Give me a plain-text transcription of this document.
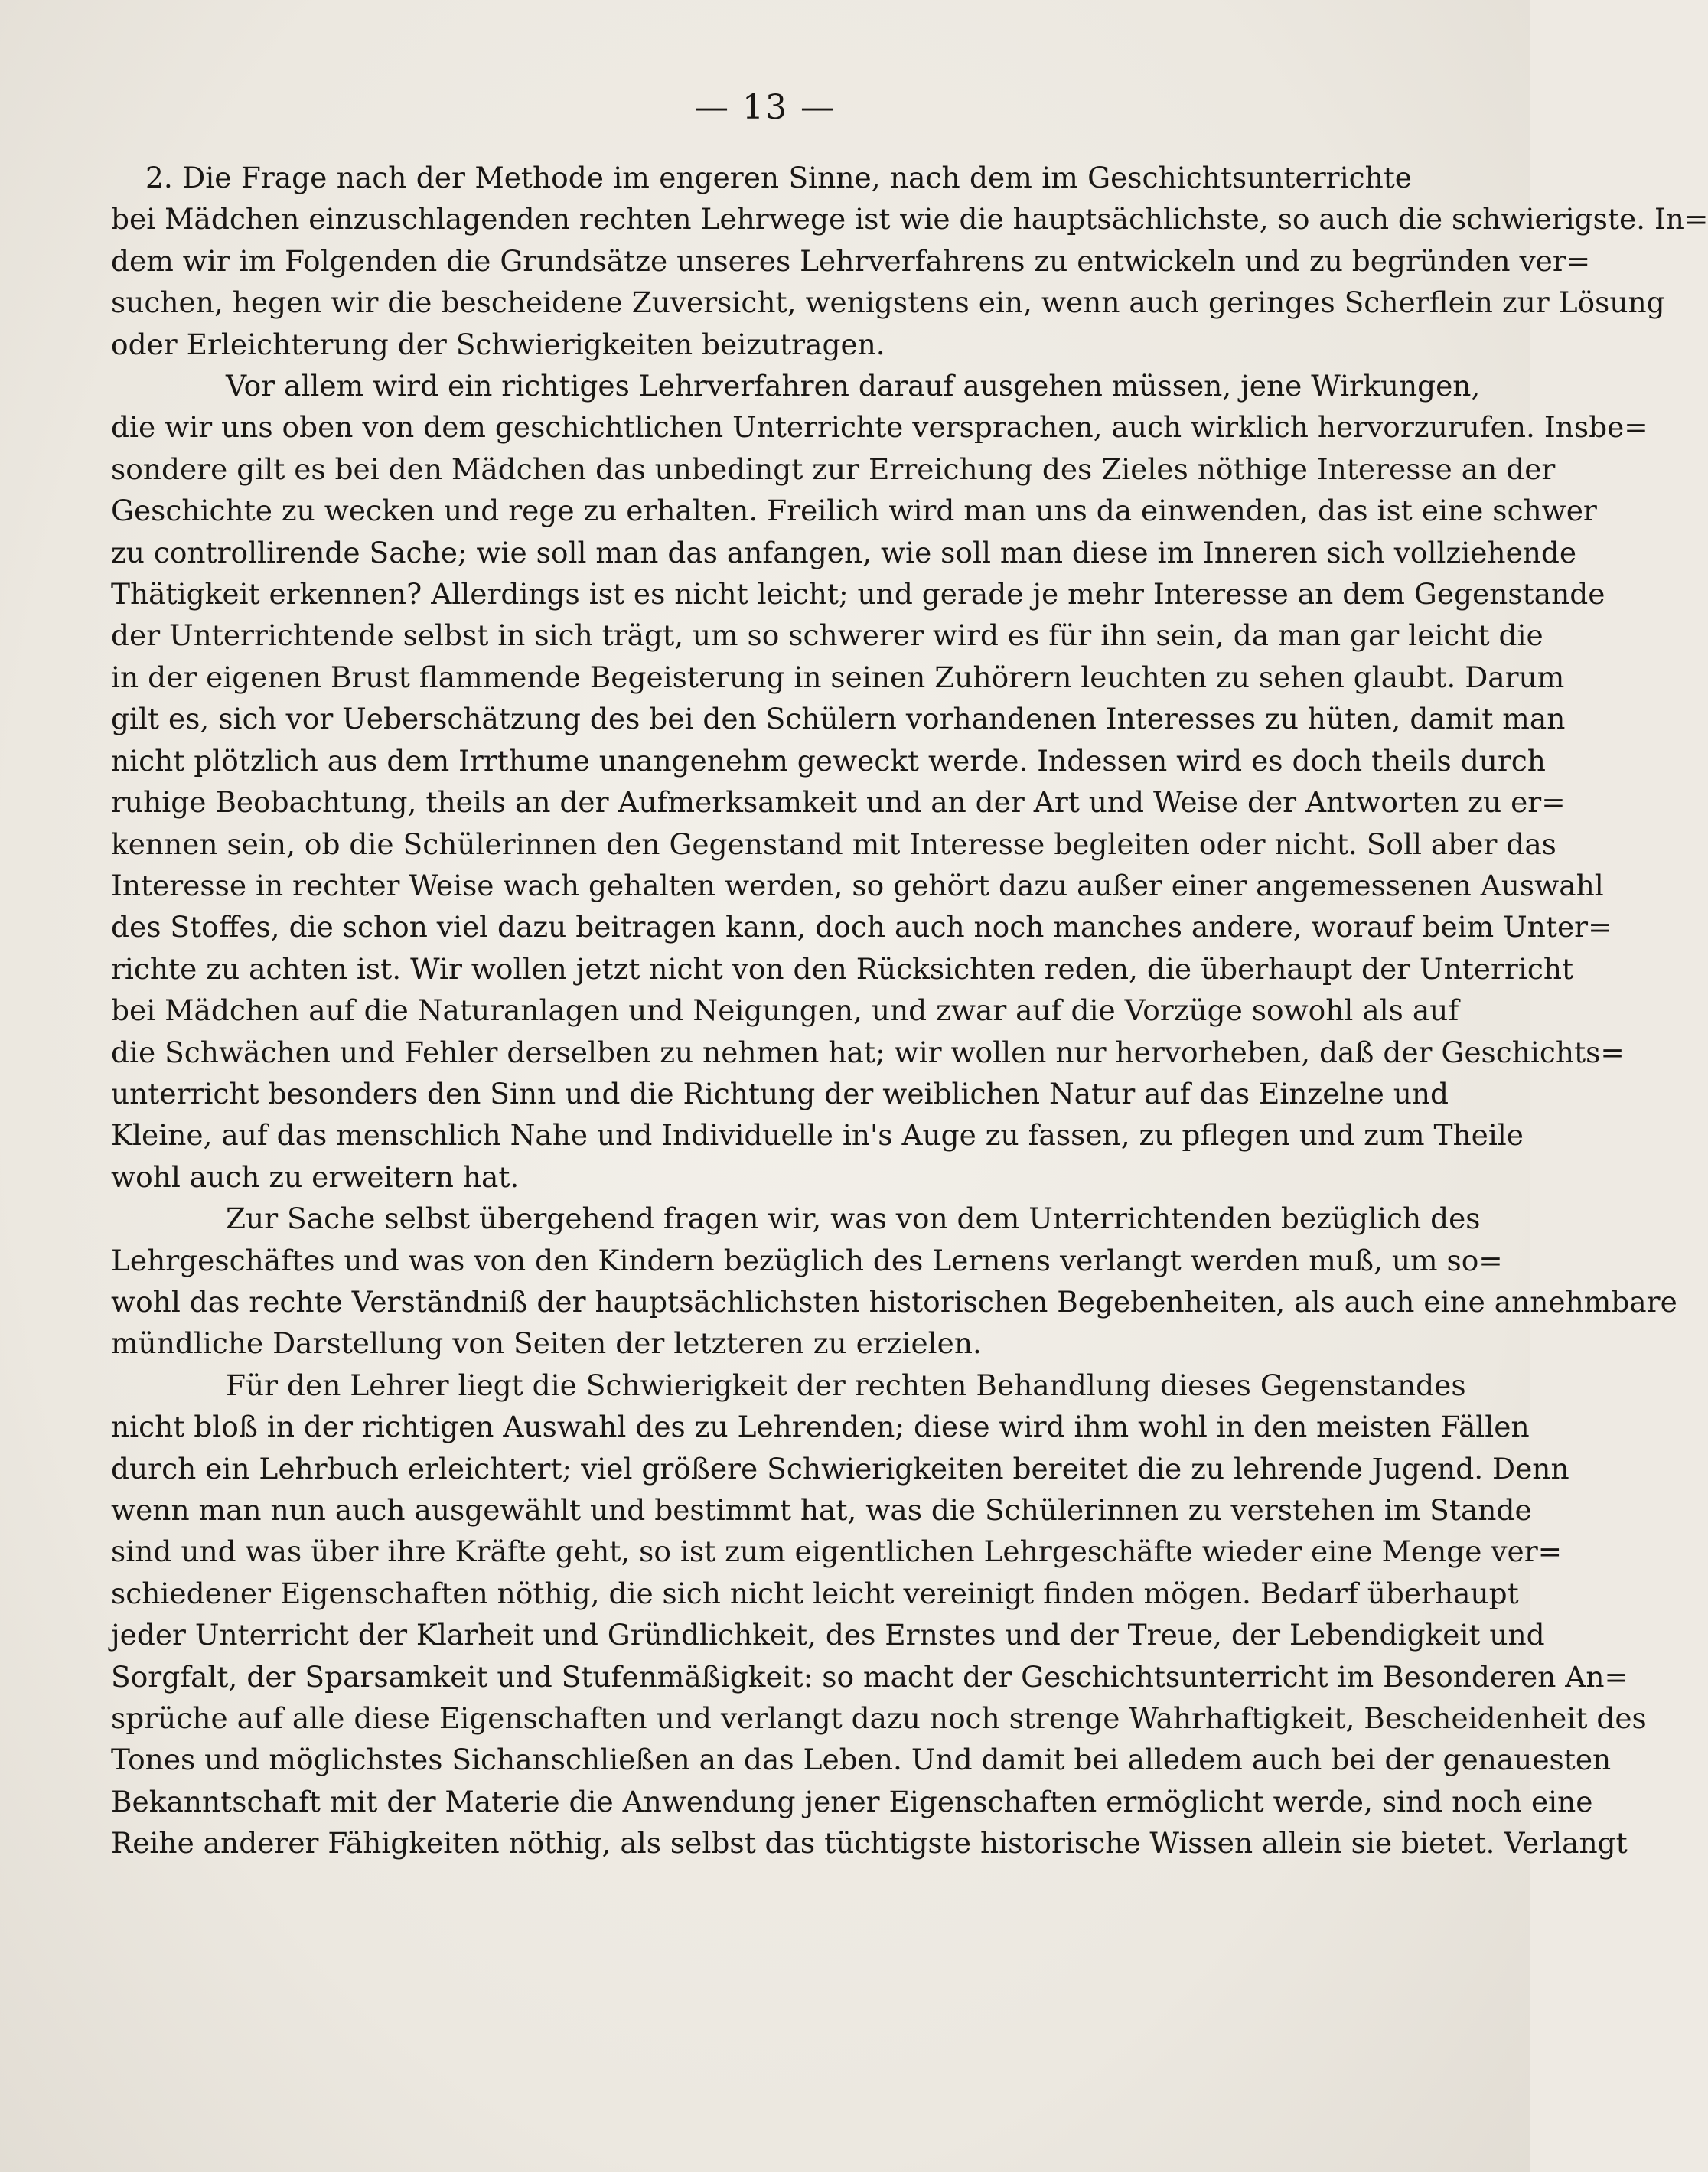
— 13 —

2. Die Frage nach der Methode im engeren Sinne, nach dem im Geschichtsunterrichte
bei Mädchen einzuschlagenden rechten Lehrwege ist wie die hauptsächlichste, so auch die schwierigste. In=
dem wir im Folgenden die Grundsätze unseres Lehrverfahrens zu entwickeln und zu begründen ver=
suchen, hegen wir die bescheidene Zuversicht, wenigstens ein, wenn auch geringes Scherflein zur Lösung
oder Erleichterung der Schwierigkeiten beizutragen.

Vor allem wird ein richtiges Lehrverfahren darauf ausgehen müssen, jene Wirkungen,
die wir uns oben von dem geschichtlichen Unterrichte versprachen, auch wirklich hervorzurufen. Insbe=
sondere gilt es bei den Mädchen das unbedingt zur Erreichung des Zieles nöthige Interesse an der
Geschichte zu wecken und rege zu erhalten. Freilich wird man uns da einwenden, das ist eine schwer
zu controllirende Sache; wie soll man das anfangen, wie soll man diese im Inneren sich vollziehende
Thätigkeit erkennen? Allerdings ist es nicht leicht; und gerade je mehr Interesse an dem Gegenstande
der Unterrichtende selbst in sich trägt, um so schwerer wird es für ihn sein, da man gar leicht die
in der eigenen Brust flammende Begeisterung in seinen Zuhörern leuchten zu sehen glaubt. Darum
gilt es, sich vor Ueberschätzung des bei den Schülern vorhandenen Interesses zu hüten, damit man
nicht plötzlich aus dem Irrthume unangenehm geweckt werde. Indessen wird es doch theils durch
ruhige Beobachtung, theils an der Aufmerksamkeit und an der Art und Weise der Antworten zu er=
kennen sein, ob die Schülerinnen den Gegenstand mit Interesse begleiten oder nicht. Soll aber das
Interesse in rechter Weise wach gehalten werden, so gehört dazu außer einer angemessenen Auswahl
des Stoffes, die schon viel dazu beitragen kann, doch auch noch manches andere, worauf beim Unter=
richte zu achten ist. Wir wollen jetzt nicht von den Rücksichten reden, die überhaupt der Unterricht
bei Mädchen auf die Naturanlagen und Neigungen, und zwar auf die Vorzüge sowohl als auf
die Schwächen und Fehler derselben zu nehmen hat; wir wollen nur hervorheben, daß der Geschichts=
unterricht besonders den Sinn und die Richtung der weiblichen Natur auf das Einzelne und
Kleine, auf das menschlich Nahe und Individuelle in's Auge zu fassen, zu pflegen und zum Theile
wohl auch zu erweitern hat.

Zur Sache selbst übergehend fragen wir, was von dem Unterrichtenden bezüglich des
Lehrgeschäftes und was von den Kindern bezüglich des Lernens verlangt werden muß, um so=
wohl das rechte Verständniß der hauptsächlichsten historischen Begebenheiten, als auch eine annehmbare
mündliche Darstellung von Seiten der letzteren zu erzielen.

Für den Lehrer liegt die Schwierigkeit der rechten Behandlung dieses Gegenstandes
nicht bloß in der richtigen Auswahl des zu Lehrenden; diese wird ihm wohl in den meisten Fällen
durch ein Lehrbuch erleichtert; viel größere Schwierigkeiten bereitet die zu lehrende Jugend. Denn
wenn man nun auch ausgewählt und bestimmt hat, was die Schülerinnen zu verstehen im Stande
sind und was über ihre Kräfte geht, so ist zum eigentlichen Lehrgeschäfte wieder eine Menge ver=
schiedener Eigenschaften nöthig, die sich nicht leicht vereinigt finden mögen. Bedarf überhaupt
jeder Unterricht der Klarheit und Gründlichkeit, des Ernstes und der Treue, der Lebendigkeit und
Sorgfalt, der Sparsamkeit und Stufenmäßigkeit: so macht der Geschichtsunterricht im Besonderen An=
sprüche auf alle diese Eigenschaften und verlangt dazu noch strenge Wahrhaftigkeit, Bescheidenheit des
Tones und möglichstes Sichanschließen an das Leben. Und damit bei alledem auch bei der genauesten
Bekanntschaft mit der Materie die Anwendung jener Eigenschaften ermöglicht werde, sind noch eine
Reihe anderer Fähigkeiten nöthig, als selbst das tüchtigste historische Wissen allein sie bietet. Verlangt
